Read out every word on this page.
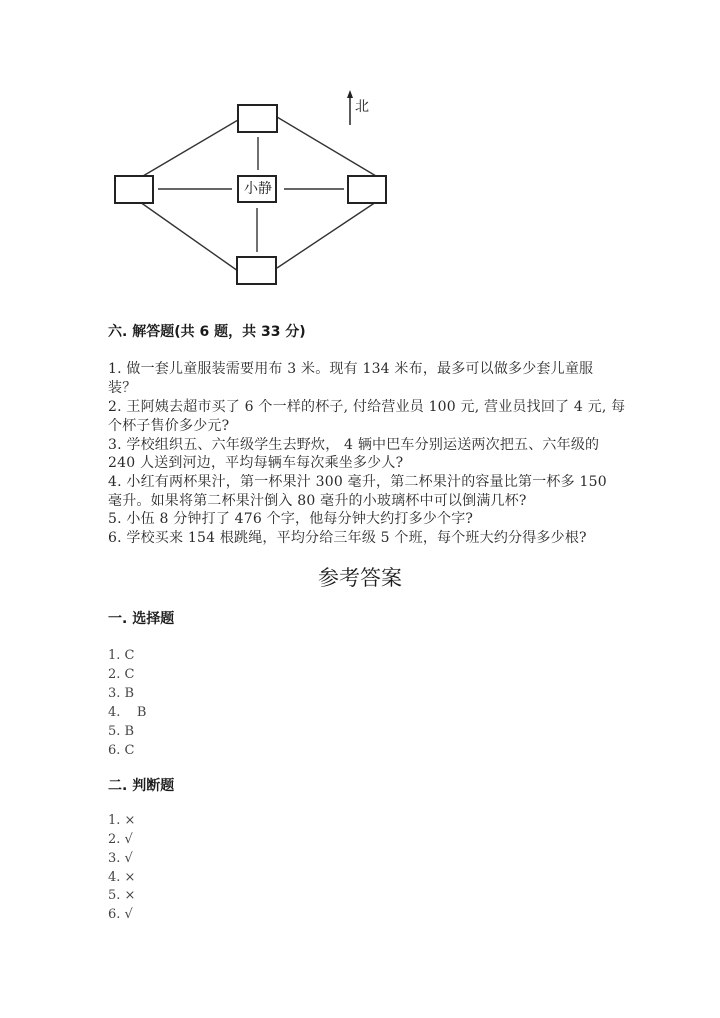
小静
北
六. 解答题(共 6 题，共 33 分)
1. 做一套儿童服装需要用布 3 米。现有 134 米布，最多可以做多少套儿童服
装？
2. 王阿姨去超市买了 6 个一样的杯子, 付给营业员 100 元, 营业员找回了 4 元, 每
个杯子售价多少元?
3. 学校组织五、六年级学生去野炊， 4 辆中巴车分别运送两次把五、六年级的
240 人送到河边，平均每辆车每次乘坐多少人?
4. 小红有两杯果汁，第一杯果汁 300 毫升，第二杯果汁的容量比第一杯多 150
毫升。如果将第二杯果汁倒入 80 毫升的小玻璃杯中可以倒满几杯?
5. 小伍 8 分钟打了 476 个字，他每分钟大约打多少个字?
6. 学校买来 154 根跳绳，平均分给三年级 5 个班，每个班大约分得多少根?
参考答案
一. 选择题
1. C
2. C
3. B
4.    B
5. B
6. C
二. 判断题
1. ×
2. √
3. √
4. ×
5. ×
6. √
